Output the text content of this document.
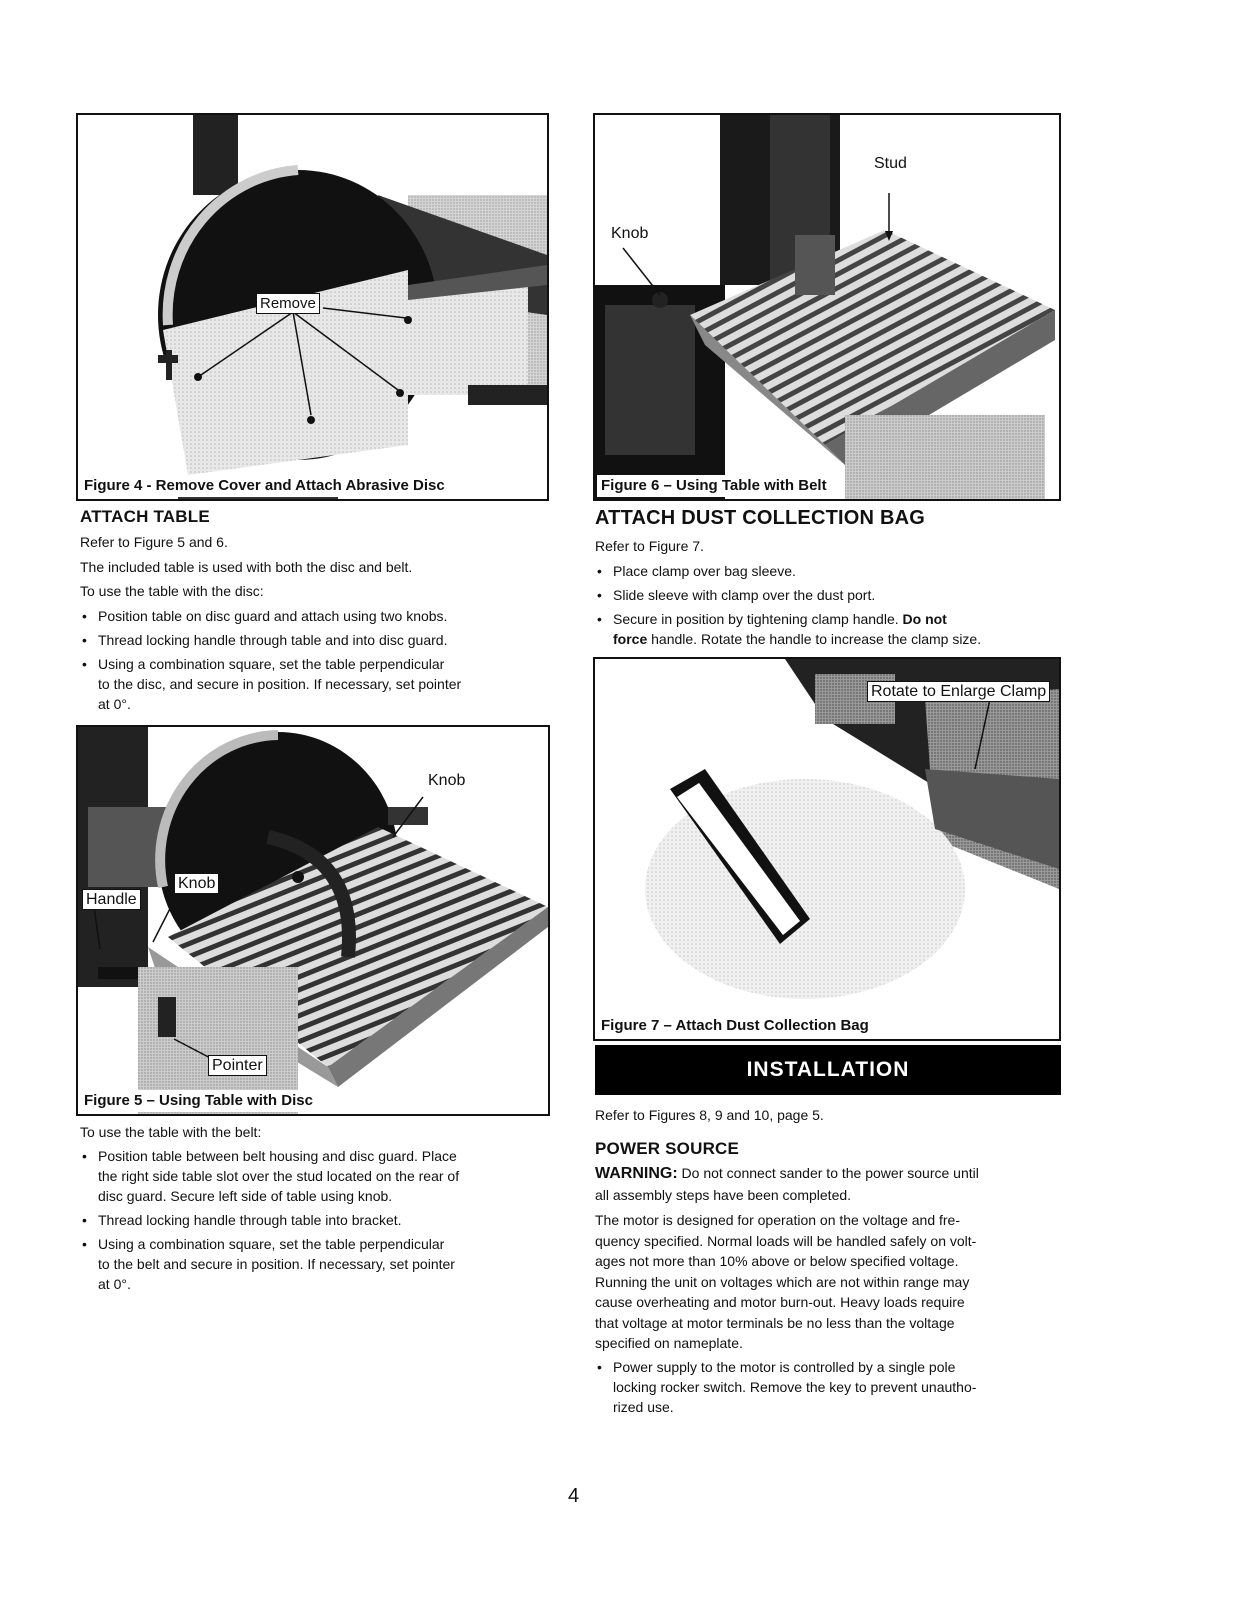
Remove
Figure 4 - Remove Cover and Attach Abrasive Disc
Stud
Knob
Figure 6 – Using Table with Belt
ATTACH TABLE

Refer to Figure 5 and 6.

The included table is used with both the disc and belt.

To use the table with the disc:

• Position table on disc guard and attach using two knobs.
• Thread locking handle through table and into disc guard.
• Using a combination square, set the table perpendicular
to the disc, and secure in position. If necessary, set pointer
at 0°.
Knob
Knob
Handle
Pointer
Figure 5 – Using Table with Disc

To use the table with the belt:

• Position table between belt housing and disc guard. Place
the right side table slot over the stud located on the rear of
disc guard. Secure left side of table using knob.
• Thread locking handle through table into bracket.
• Using a combination square, set the table perpendicular
to the belt and secure in position. If necessary, set pointer
at 0°.
ATTACH DUST COLLECTION BAG

Refer to Figure 7.

• Place clamp over bag sleeve.
• Slide sleeve with clamp over the dust port.
• Secure in position by tightening clamp handle. Do not
force handle. Rotate the handle to increase the clamp size.
Rotate to Enlarge Clamp
Figure 7 – Attach Dust Collection Bag
INSTALLATION

Refer to Figures 8, 9 and 10, page 5.

POWER SOURCE

WARNING: Do not connect sander to the power source until

all assembly steps have been completed.

The motor is designed for operation on the voltage and fre-
quency specified. Normal loads will be handled safely on volt-
ages not more than 10% above or below specified voltage.
Running the unit on voltages which are not within range may
cause overheating and motor burn-out. Heavy loads require
that voltage at motor terminals be no less than the voltage
specified on nameplate.
• Power supply to the motor is controlled by a single pole
locking rocker switch. Remove the key to prevent unautho-
rized use.
4
